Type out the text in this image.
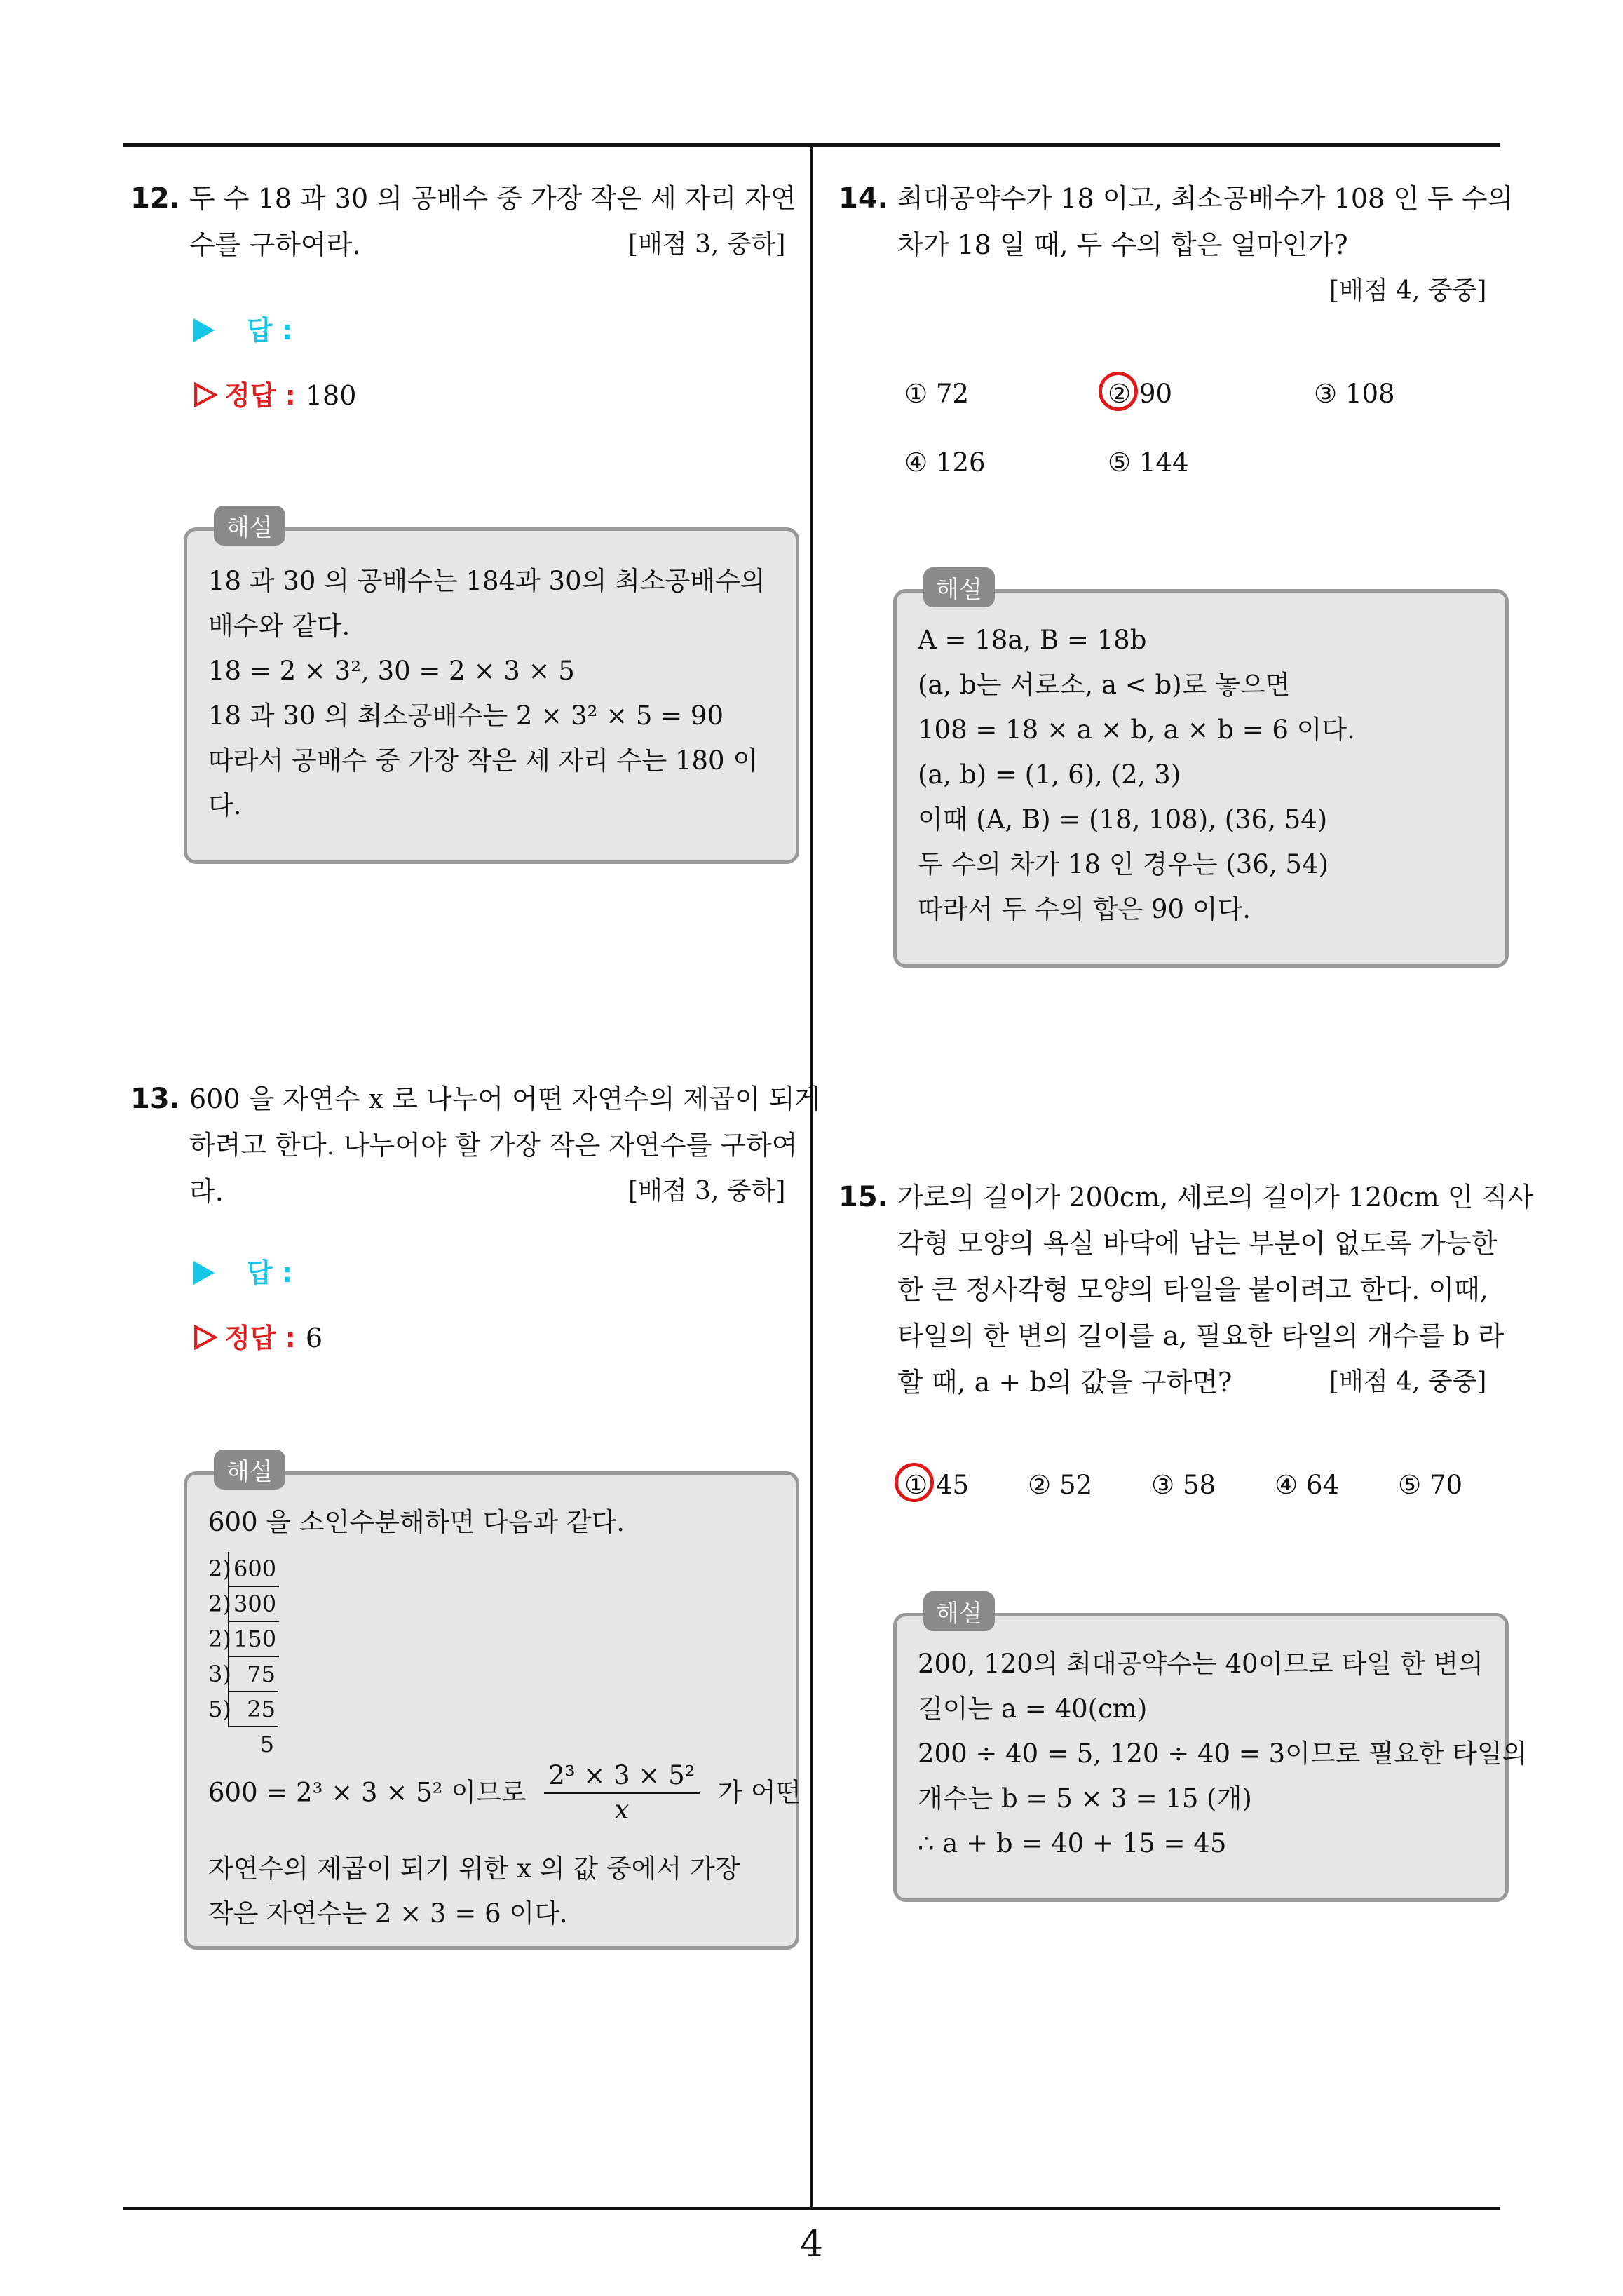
4
12. 두 수 18 과 30 의 공배수 중 가장 작은 세 자리 자연
수를 구하여라.	[배점 3, 중하]
답 :
정답 : 180
해설
18 과 30 의 공배수는 184과 30의 최소공배수의
배수와 같다.
18 = 2 × 3², 30 = 2 × 3 × 5
18 과 30 의 최소공배수는 2 × 3² × 5 = 90
따라서 공배수 중 가장 작은 세 자리 수는 180 이
다.
13. 600 을 자연수 x 로 나누어 어떤 자연수의 제곱이 되게
하려고 한다. 나누어야 할 가장 작은 자연수를 구하여
라.	[배점 3, 중하]
답 :
정답 : 6
해설
600 을 소인수분해하면 다음과 같다.
2)600
2)300
2)150
3) 75
5) 25
5
600 = 2³ × 3 × 5² 이므로 $\frac{\text{2³ × 3 × 5²}}{x}$ 가 어떤
자연수의 제곱이 되기 위한 x 의 값 중에서 가장
작은 자연수는 2 × 3 = 6 이다.
14. 최대공약수가 18 이고, 최소공배수가 108 인 두 수의
차가 18 일 때, 두 수의 합은 얼마인가?
[배점 4, 중중]
① 72	② 90	③ 108
④ 126	⑤ 144
해설
A = 18a, B = 18b
(a, b는 서로소, a < b)로 놓으면
108 = 18 × a × b, a × b = 6 이다.
(a, b) = (1, 6), (2, 3)
이때 (A, B) = (18, 108), (36, 54)
두 수의 차가 18 인 경우는 (36, 54)
따라서 두 수의 합은 90 이다.
15. 가로의 길이가 200cm, 세로의 길이가 120cm 인 직사
각형 모양의 욕실 바닥에 남는 부분이 없도록 가능한
한 큰 정사각형 모양의 타일을 붙이려고 한다. 이때,
타일의 한 변의 길이를 a, 필요한 타일의 개수를 b 라
할 때, a + b의 값을 구하면?	[배점 4, 중중]
① 45 ② 52 ③ 58 ④ 64 ⑤ 70
해설
200, 120의 최대공약수는 40이므로 타일 한 변의
길이는 a = 40(cm)
200 ÷ 40 = 5, 120 ÷ 40 = 3이므로 필요한 타일의
개수는 b = 5 × 3 = 15 (개)
∴ a + b = 40 + 15 = 45
